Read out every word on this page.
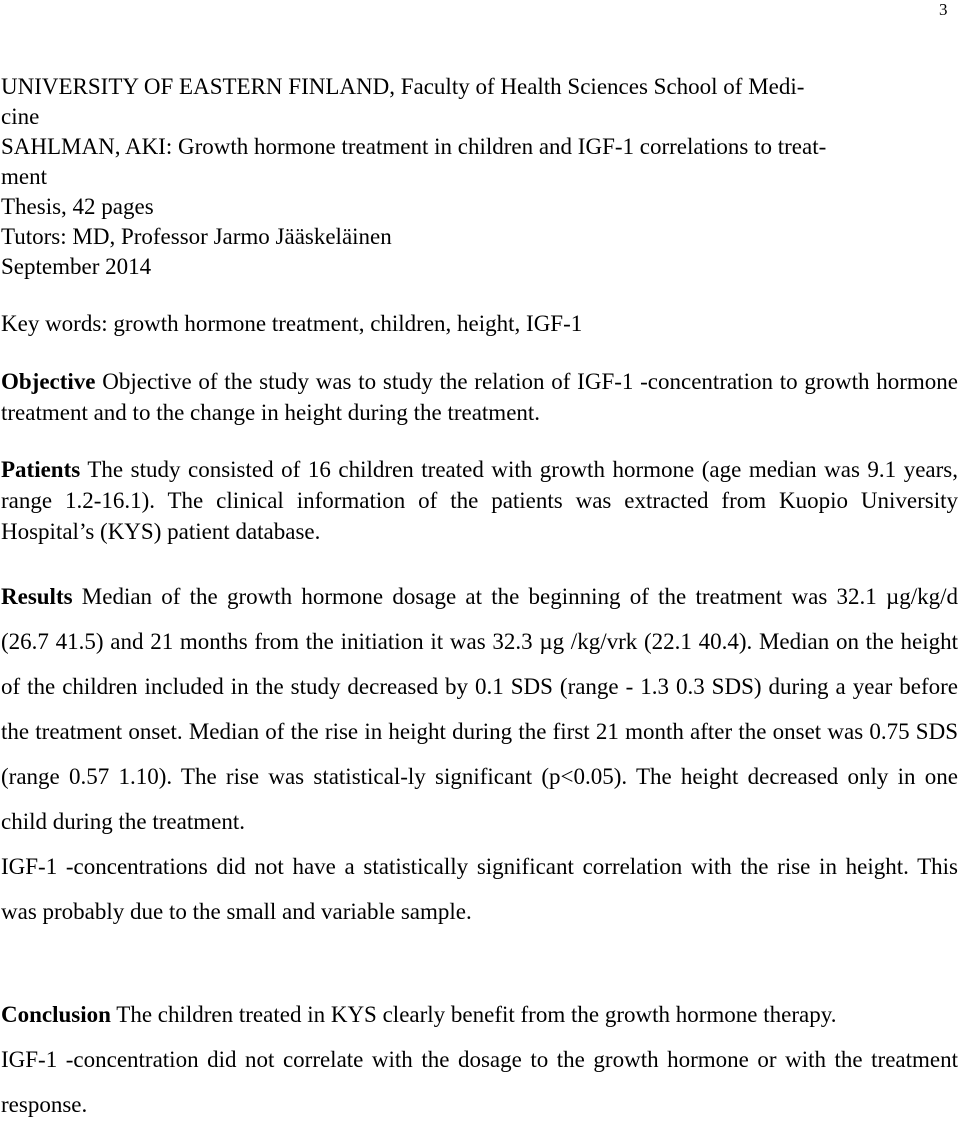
3

UNIVERSITY OF EASTERN FINLAND, Faculty of Health Sciences School of Medi-

cine

SAHLMAN, AKI: Growth hormone treatment in children and IGF-1 correlations to treat-

ment

Thesis, 42 pages

Tutors: MD, Professor Jarmo Jääskeläinen

September 2014

Key words: growth hormone treatment, children, height, IGF-1

Objective Objective of the study was to study the relation of IGF-1 -concentration to growth hormone treatment and to the change in height during the treatment.

Patients The study consisted of 16 children treated with growth hormone (age median was 9.1 years, range 1.2-16.1). The clinical information of the patients was extracted from Kuopio University Hospital’s (KYS) patient database.

Results Median of the growth hormone dosage at the beginning of the treatment was 32.1 µg/kg/d (26.7 41.5) and 21 months from the initiation it was 32.3 µg /kg/vrk (22.1 40.4). Median on the height of the children included in the study decreased by 0.1 SDS (range - 1.3 0.3 SDS) during a year before the treatment onset. Median of the rise in height during the first 21 month after the onset was 0.75 SDS (range 0.57 1.10). The rise was statistical-ly significant (p<0.05). The height decreased only in one child during the treatment.
IGF-1 -concentrations did not have a statistically significant correlation with the rise in height. This was probably due to the small and variable sample.
Conclusion The children treated in KYS clearly benefit from the growth hormone therapy.
IGF-1 -concentration did not correlate with the dosage to the growth hormone or with the treatment response.
